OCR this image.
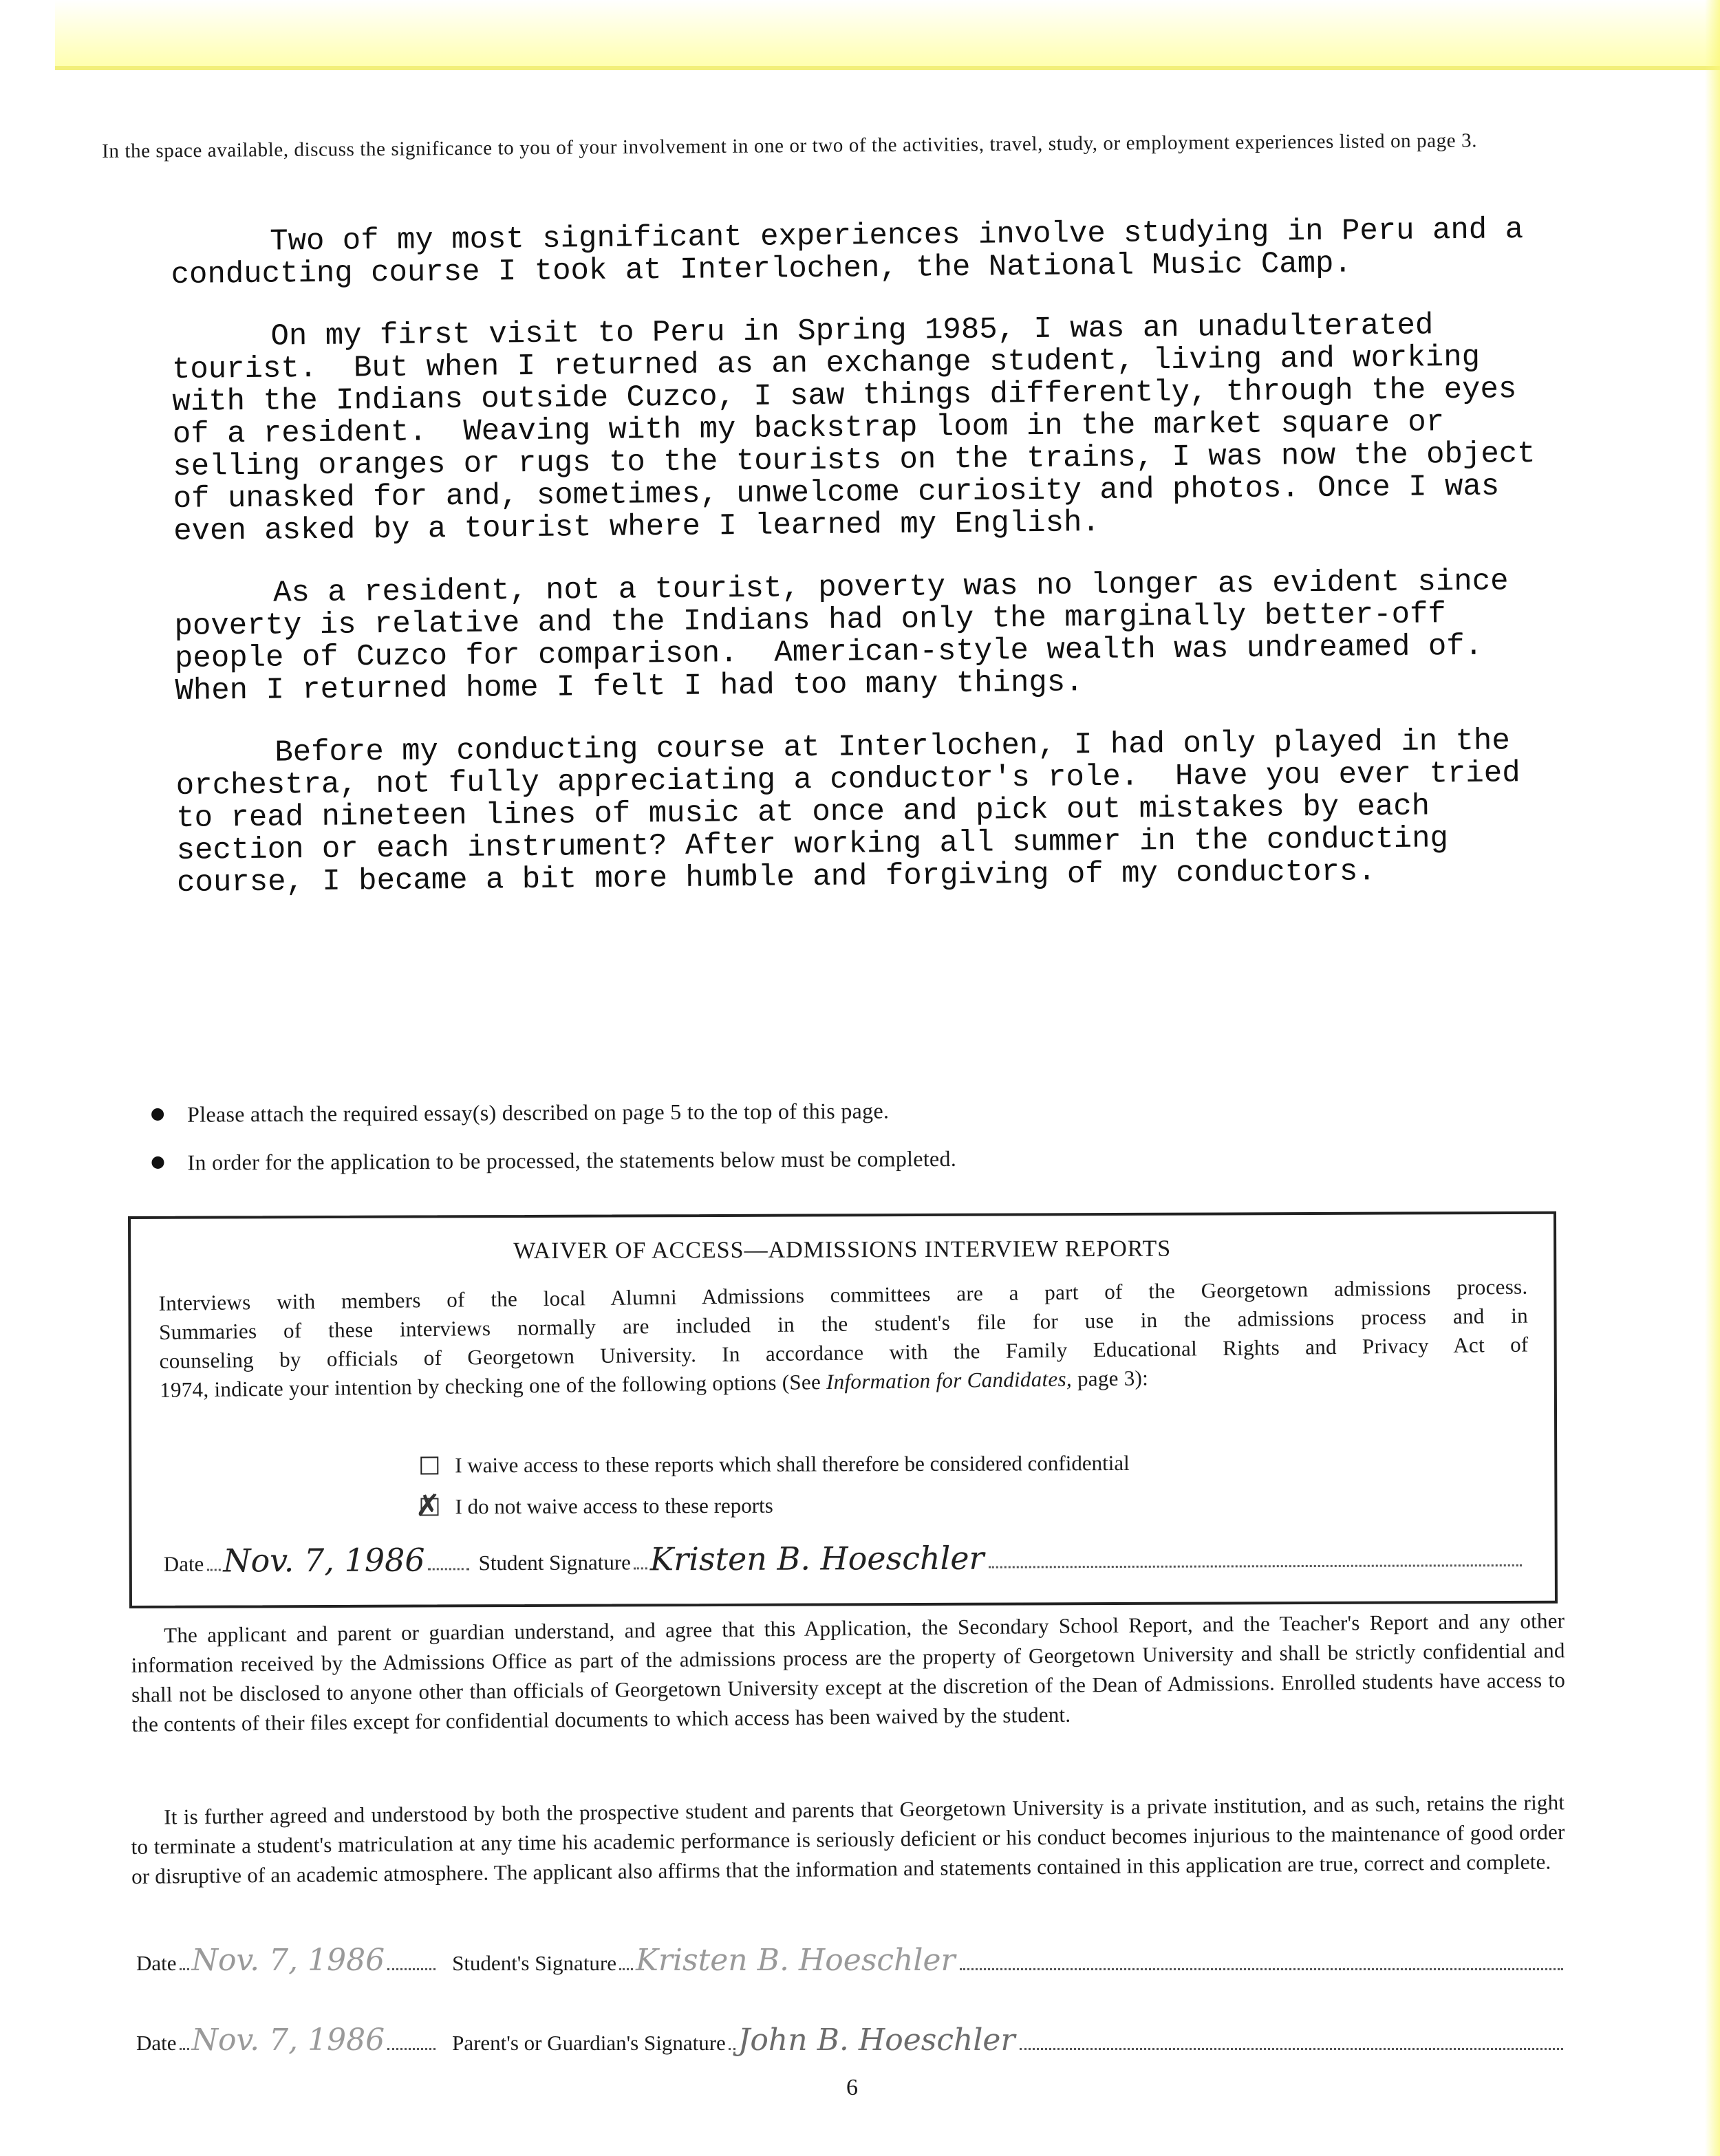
In the space available, discuss the significance to you of your involvement in one or two of the activities, travel, study, or employment experiences listed on page 3.

Two of my most significant experiences involve studying in Peru and a conducting course I took at Interlochen, the National Music Camp.

On my first visit to Peru in Spring 1985, I was an unadulterated tourist.  But when I returned as an exchange student, living and working with the Indians outside Cuzco, I saw things differently, through the eyes of a resident.  Weaving with my backstrap loom in the market square or selling oranges or rugs to the tourists on the trains, I was now the object of unasked for and, sometimes, unwelcome curiosity and photos. Once I was even asked by a tourist where I learned my English.

As a resident, not a tourist, poverty was no longer as evident since poverty is relative and the Indians had only the marginally better-off people of Cuzco for comparison.  American-style wealth was undreamed of.  When I returned home I felt I had too many things.

Before my conducting course at Interlochen, I had only played in the orchestra, not fully appreciating a conductor's role.  Have you ever tried to read nineteen lines of music at once and pick out mistakes by each section or each instrument? After working all summer in the conducting course, I became a bit more humble and forgiving of my conductors.

Please attach the required essay(s) described on page 5 to the top of this page.
In order for the application to be processed, the statements below must be completed.
WAIVER OF ACCESS—ADMISSIONS INTERVIEW REPORTS
Interviews with members of the local Alumni Admissions committees are a part of the Georgetown admissions process.
Summaries of these interviews normally are included in the student's file for use in the admissions process and in
counseling by officials of Georgetown University. In accordance with the Family Educational Rights and Privacy Act of
1974, indicate your intention by checking one of the following options (See Information for Candidates, page 3):
I waive access to these reports which shall therefore be considered confidential
✗ I do not waive access to these reports
Date Nov. 7, 1986	Student Signature Kristen B. Hoeschler
The applicant and parent or guardian understand, and agree that this Application, the Secondary School Report, and the Teacher's Report and any other information received by the Admissions Office as part of the admissions process are the property of Georgetown University and shall be strictly confidential and shall not be disclosed to anyone other than officials of Georgetown University except at the discretion of the Dean of Admissions. Enrolled students have access to the contents of their files except for confidential documents to which access has been waived by the student.
It is further agreed and understood by both the prospective student and parents that Georgetown University is a private institution, and as such, retains the right to terminate a student's matriculation at any time his academic performance is seriously deficient or his conduct becomes injurious to the maintenance of good order or disruptive of an academic atmosphere. The applicant also affirms that the information and statements contained in this application are true, correct and complete.
Date Nov. 7, 1986	Student's Signature Kristen B. Hoeschler
Date Nov. 7, 1986	Parent's or Guardian's Signature John B. Hoeschler
6
